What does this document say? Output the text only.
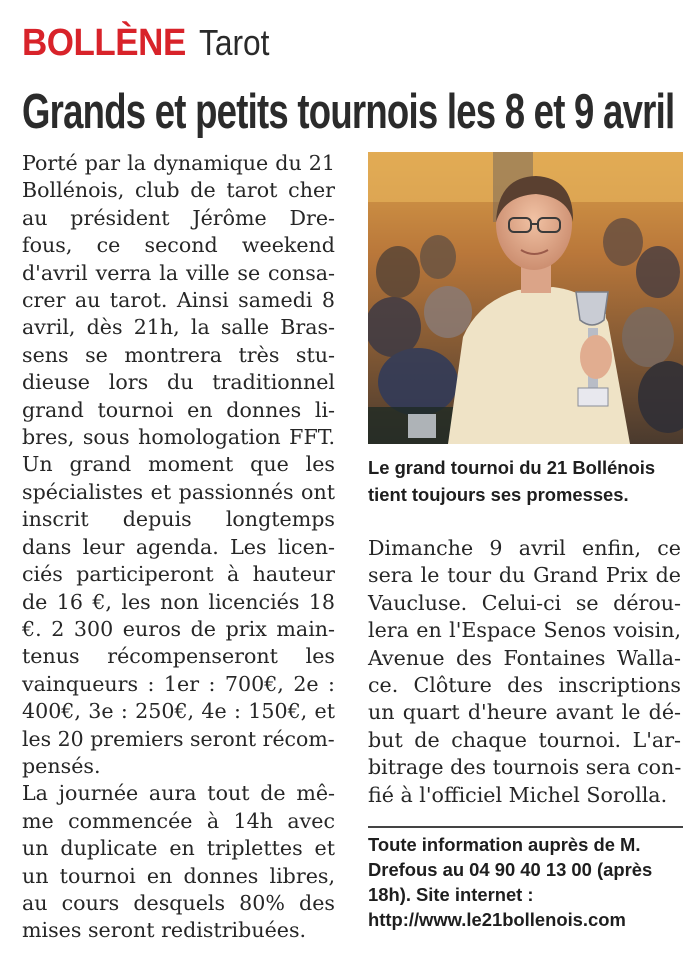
BOLLÈNE Tarot
Grands et petits tournois les 8 et 9 avril
Porté par la dynamique du 21
Bollénois, club de tarot cher
au président Jérôme Dre-
fous, ce second weekend
d'avril verra la ville se consa-
crer au tarot. Ainsi samedi 8
avril, dès 21h, la salle Bras-
sens se montrera très stu-
dieuse lors du traditionnel
grand tournoi en donnes li-
bres, sous homologation FFT.
Un grand moment que les
spécialistes et passionnés ont
inscrit depuis longtemps
dans leur agenda. Les licen-
ciés participeront à hauteur
de 16 €, les non licenciés 18
€. 2 300 euros de prix main-
tenus récompenseront les
vainqueurs : 1er : 700€, 2e :
400€, 3e : 250€, 4e : 150€, et
les 20 premiers seront récom-
pensés.
La journée aura tout de mê-
me commencée à 14h avec
un duplicate en triplettes et
un tournoi en donnes libres,
au cours desquels 80% des
mises seront redistribuées.
Le grand tournoi du 21 Bollénois
tient toujours ses promesses.
Dimanche 9 avril enfin, ce
sera le tour du Grand Prix de
Vaucluse. Celui-ci se dérou-
lera en l'Espace Senos voisin,
Avenue des Fontaines Walla-
ce. Clôture des inscriptions
un quart d'heure avant le dé-
but de chaque tournoi. L'ar-
bitrage des tournois sera con-
fié à l'officiel Michel Sorolla.
Toute information auprès de M.
Drefous au 04 90 40 13 00 (après
18h). Site internet :
http://www.le21bollenois.com
